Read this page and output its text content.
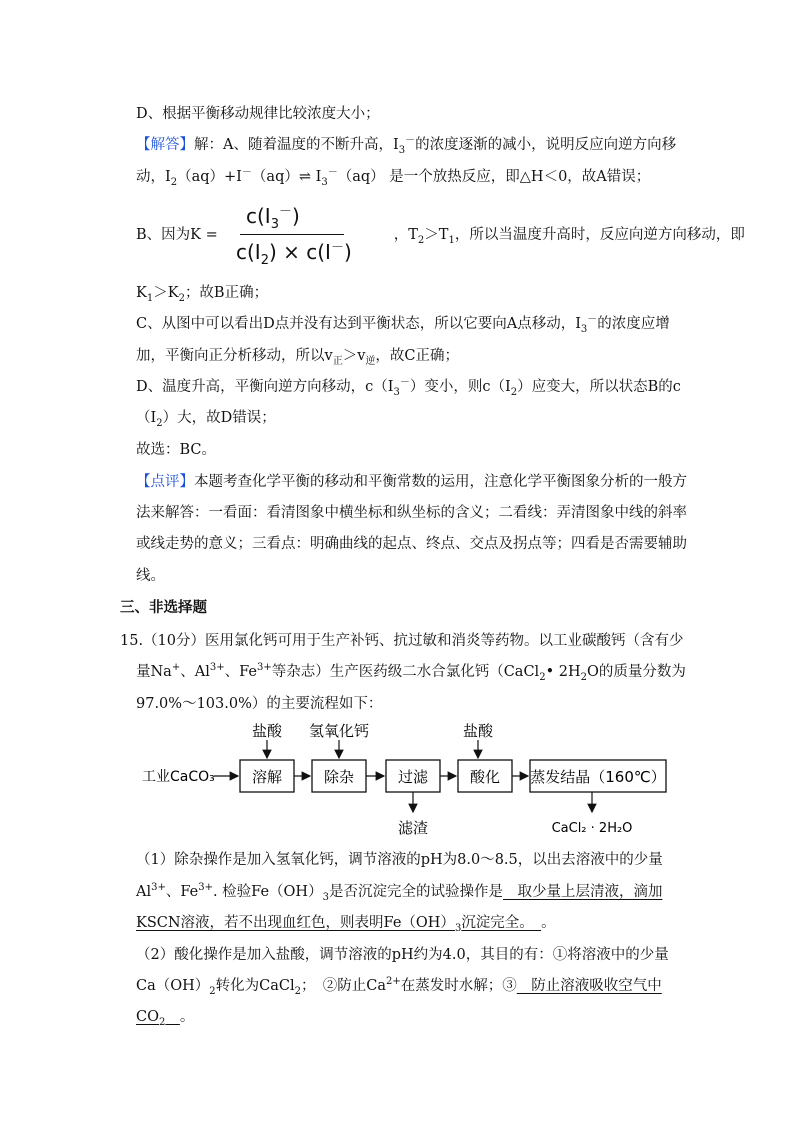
D、根据平衡移动规律比较浓度大小；
【解答】解：A、随着温度的不断升高，$I_3^-$的浓度逐渐的减小，说明反应向逆方向移
动，$I_2(aq)+I^-(aq)\rightleftharpoons$ $I_3^-(aq)$ 是一个放热反应，即△H＜0，故A错误；
B、因为K =	，$T_2>T_1$，所以当温度升高时，反应向逆方向移动，即
$c(I_3^-)$
$c(I_2) \times c(I^-)$
$K_1>K_2$；故B正确；
C、从图中可以看出D点并没有达到平衡状态，所以它要向A点移动，$I_3^-$的浓度应增
加，平衡向正分析移动，所以$v_正>v_逆$，故C正确；
D、温度升高，平衡向逆方向移动，$c(I_3^-)$变小，则$c(I_2)$应变大，所以状态B的c
$(I_2)$大，故D错误；
故选：BC。
【点评】本题考查化学平衡的移动和平衡常数的运用，注意化学平衡图象分析的一般方
法来解答：一看面：看清图象中横坐标和纵坐标的含义；二看线：弄清图象中线的斜率
或线走势的意义；三看点：明确曲线的起点、终点、交点及拐点等；四看是否需要辅助
线。
三、非选择题
15.（10分）医用氯化钙可用于生产补钙、抗过敏和消炎等药物。以工业碳酸钙（含有少
量Na+、$Al^{3+}$、$Fe^{3+}$等杂志）生产医药级二水合氯化钙（CaCl$_2$• $2H_2O$的质量分数为
97.0%～103.0%）的主要流程如下：
工业CaCO₃ 溶解
盐酸
除杂
氢氧化钙
过滤
滤渣
酸化
盐酸
蒸发结晶（160℃）
CaCl₂ · 2H₂O
（1）除杂操作是加入氢氧化钙，调节溶液的pH为8.0～8.5，以出去溶液中的少量
$Al^{3+}$、$Fe^{3+}$. 检验$Fe(OH)_3$是否沉淀完全的试验操作是　取少量上层清液，滴加
KSCN溶液，若不出现血红色，则表明$Fe(OH)_3$沉淀完全。　。
（2）酸化操作是加入盐酸，调节溶液的pH约为4.0，其目的有：①将溶液中的少量
$Ca(OH)_2$转化为CaCl$_2$；　②防止$Ca^{2+}$在蒸发时水解；③　防止溶液吸收空气中
$CO_2$　 。
